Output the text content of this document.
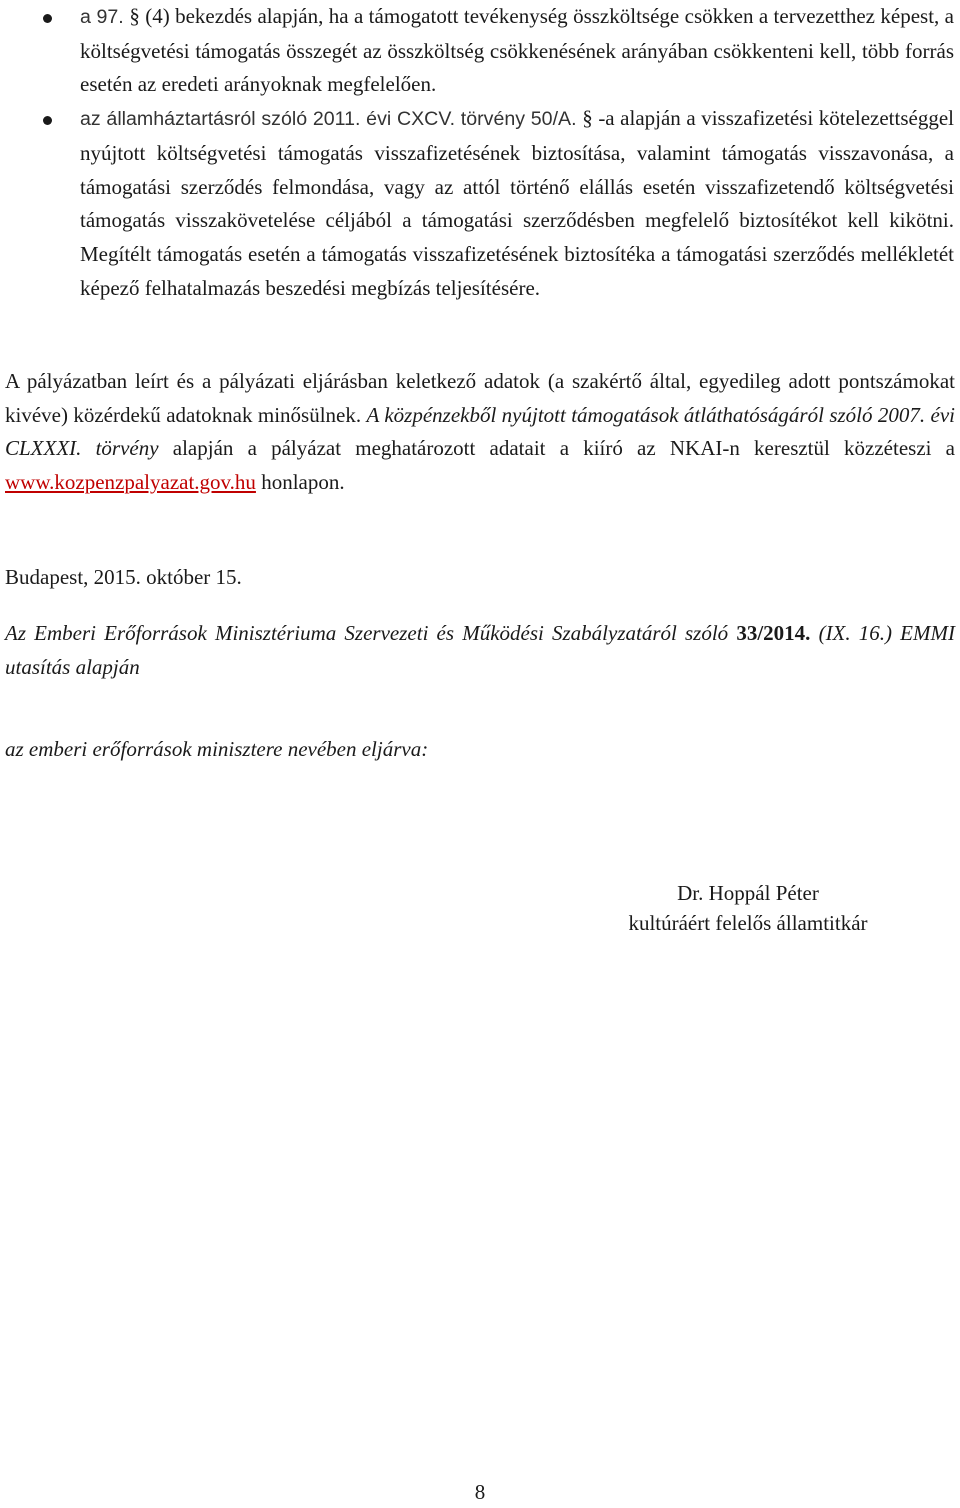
a 97. § (4) bekezdés alapján, ha a támogatott tevékenység összköltsége csökken a tervezetthez képest, a költségvetési támogatás összegét az összköltség csökkenésének arányában csökkenteni kell, több forrás esetén az eredeti arányoknak megfelelően.
az államháztartásról szóló 2011. évi CXCV. törvény 50/A. § -a alapján a visszafizetési kötelezettséggel nyújtott költségvetési támogatás visszafizetésének biztosítása, valamint támogatás visszavonása, a támogatási szerződés felmondása, vagy az attól történő elállás esetén visszafizetendő költségvetési támogatás visszakövetelése céljából a támogatási szerződésben megfelelő biztosítékot kell kikötni. Megítélt támogatás esetén a támogatás visszafizetésének biztosítéka a támogatási szerződés mellékletét képező felhatalmazás beszedési megbízás teljesítésére.

A pályázatban leírt és a pályázati eljárásban keletkező adatok (a szakértő által, egyedileg adott pontszámokat kivéve) közérdekű adatoknak minősülnek. A közpénzekből nyújtott támogatások átláthatóságáról szóló 2007. évi CLXXXI. törvény alapján a pályázat meghatározott adatait a kiíró az NKAI-n keresztül közzéteszi a www.kozpenzpalyazat.gov.hu honlapon.

Budapest, 2015. október 15.

Az Emberi Erőforrások Minisztériuma Szervezeti és Működési Szabályzatáról szóló 33/2014. (IX. 16.) EMMI utasítás alapján

az emberi erőforrások minisztere nevében eljárva:

Dr. Hoppál Péter
kultúráért felelős államtitkár
8
